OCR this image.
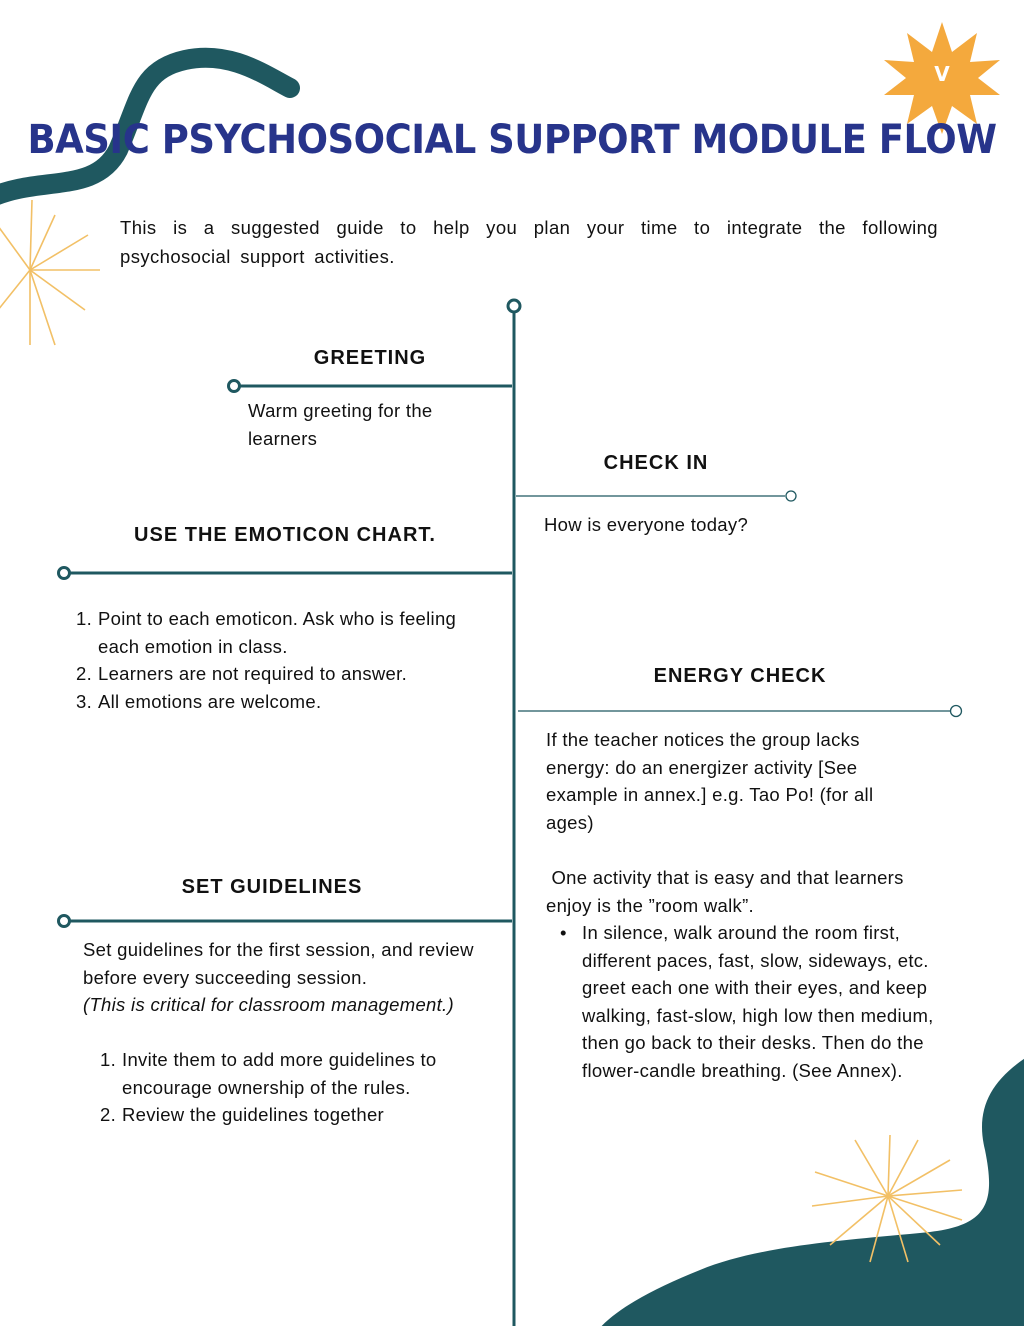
V
BASIC PSYCHOSOCIAL SUPPORT MODULE FLOW
This is a suggested guide to help you plan your time to integrate the following psychosocial support activities.
GREETING
Warm greeting for the learners
CHECK IN
How is everyone today?
USE THE EMOTICON CHART.
Point to each emoticon. Ask who is feeling each emotion in class.
Learners are not required to answer.
All emotions are welcome.
ENERGY CHECK
If the teacher notices the group lacks energy: do an energizer activity [See example in annex.] e.g. Tao Po! (for all ages)
One activity that is easy and that learners enjoy is the ”room walk”.
• In silence, walk around the room first, different paces, fast, slow, sideways, etc. greet each one with their eyes, and keep walking, fast-slow, high low then medium, then go back to their desks. Then do the flower-candle breathing. (See Annex).
SET GUIDELINES
Set guidelines for the first session, and review before every succeeding session.
(This is critical for classroom management.)
Invite them to add more guidelines to encourage ownership of the rules.
Review the guidelines together
